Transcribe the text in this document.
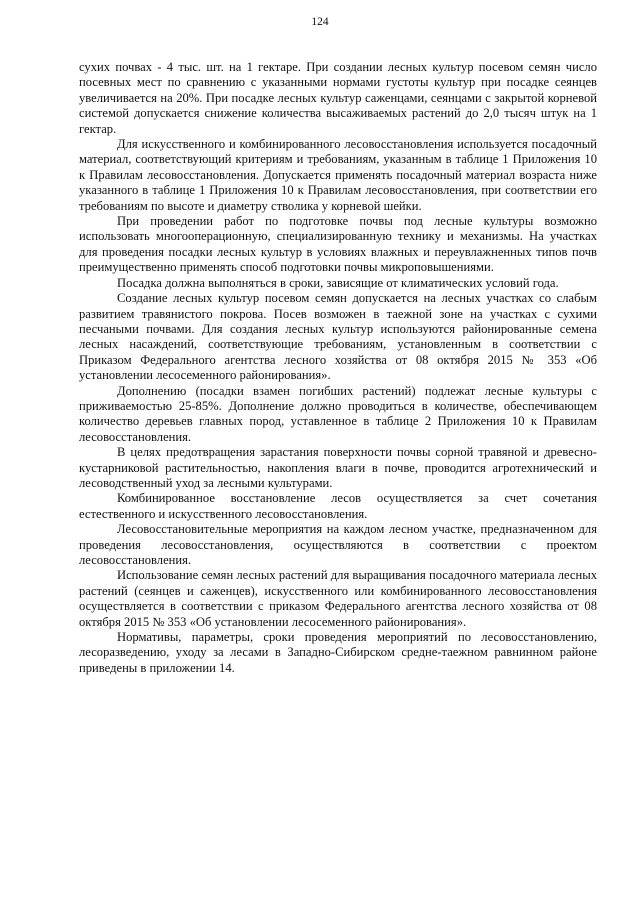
124

сухих почвах - 4 тыс. шт. на 1 гектаре. При создании лесных культур посевом семян число посевных мест по сравнению с указанными нормами густоты культур при посадке сеянцев увеличивается на 20%. При посадке лесных культур саженцами, сеянцами с закрытой корневой системой допускается снижение количества высаживаемых растений до 2,0 тысяч штук на 1 гектар.

Для искусственного и комбинированного лесовосстановления используется посадочный материал, соответствующий критериям и требованиям, указанным в таблице 1 Приложения 10 к Правилам лесовосстановления. Допускается применять посадочный материал возраста ниже указанного в таблице 1 Приложения 10 к Правилам лесовосстановления, при соответствии его требованиям по высоте и диаметру стволика у корневой шейки.

При проведении работ по подготовке почвы под лесные культуры возможно использовать многооперационную, специализированную технику и механизмы. На участках для проведения посадки лесных культур в условиях влажных и переувлажненных типов почв преимущественно применять способ подготовки почвы микроповышениями.

Посадка должна выполняться в сроки, зависящие от климатических условий года.

Создание лесных культур посевом семян допускается на лесных участках со слабым развитием травянистого покрова. Посев возможен в таежной зоне на участках с сухими песчаными почвами. Для создания лесных культур используются районированные семена лесных насаждений, соответствующие требованиям, установленным в соответствии с Приказом Федерального агентства лесного хозяйства от 08 октября 2015 № 353 «Об установлении лесосеменного районирования».

Дополнению (посадки взамен погибших растений) подлежат лесные культуры с приживаемостью 25-85%. Дополнение должно проводиться в количестве, обеспечивающем количество деревьев главных пород, уставленное в таблице 2 Приложения 10 к Правилам лесовосстановления.

В целях предотвращения зарастания поверхности почвы сорной травяной и древесно-кустарниковой растительностью, накопления влаги в почве, проводится агротехнический и лесоводственный уход за лесными культурами.

Комбинированное восстановление лесов осуществляется за счет сочетания естественного и искусственного лесовосстановления.

Лесовосстановительные мероприятия на каждом лесном участке, предназначенном для проведения лесовосстановления, осуществляются в соответствии с проектом лесовосстановления.

Использование семян лесных растений для выращивания посадочного материала лесных растений (сеянцев и саженцев), искусственного или комбинированного лесовосстановления осуществляется в соответствии с приказом Федерального агентства лесного хозяйства от 08 октября 2015 № 353 «Об установлении лесосеменного районирования».

Нормативы, параметры, сроки проведения мероприятий по лесовосстановлению, лесоразведению, уходу за лесами в Западно-Сибирском средне-таежном равнинном районе приведены в приложении 14.
